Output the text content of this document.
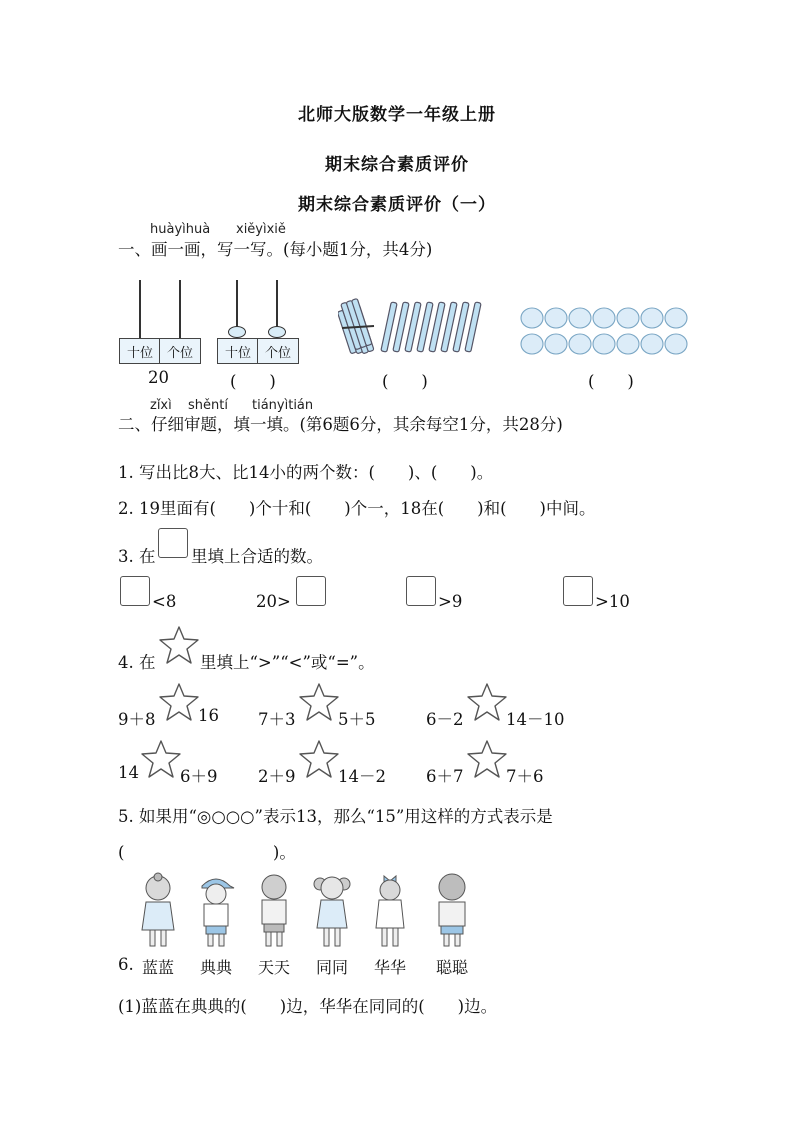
北师大版数学一年级上册
期末综合素质评价
期末综合素质评价（一）
huàyìhuà xiěyìxiě
一、画一画，写一写。(每小题1分，共4分)
十位	个位
20
十位	个位
(　　)	(　　)	(　　)
zǐxì shěntí tiányìtián
二、仔细审题，填一填。(第6题6分，其余每空1分，共28分)
1. 写出比8大、比14小的两个数：(　　)、(　　)。
2. 19里面有(　　)个十和(　　)个一，18在(　　)和(　　)中间。
3. 在 里填上合适的数。
<8	20>	>9	>10
4. 在	里填上“>”“<”或“=”。
9＋8	16 7＋3	5＋5	6－2	14－10
14 6＋9 2＋9	14－2 6＋7	7＋6
5. 如果用“◎○○○”表示13，那么“15”用这样的方式表示是
(　　　　　　　　　)。
6. 蓝蓝	典典	天天	同同	华华	聪聪
(1)蓝蓝在典典的(　　)边，华华在同同的(　　)边。
